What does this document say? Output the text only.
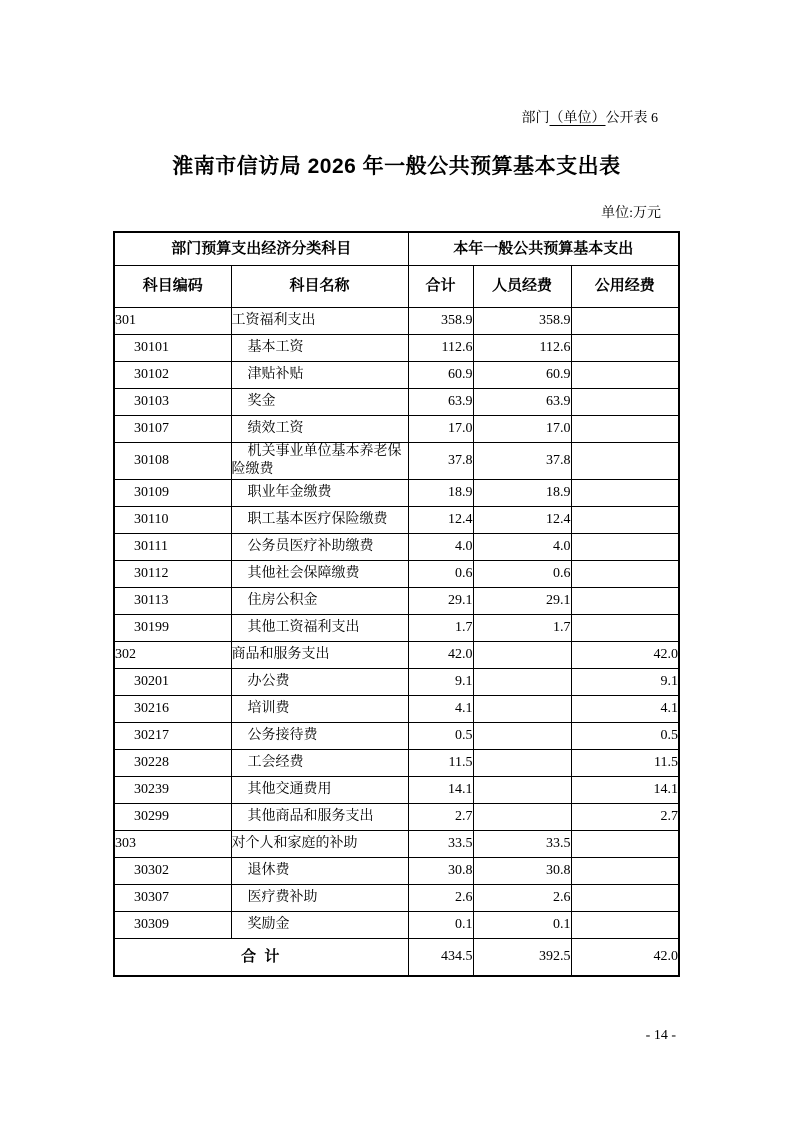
部门（单位）公开表 6
淮南市信访局 2026 年一般公共预算基本支出表
单位:万元
部门预算支出经济分类科目		本年一般公共预算基本支出		
科目编码	科目名称	合计	人员经费	公用经费
301	工资福利支出	358.9	358.9	
30101	基本工资	112.6	112.6	
30102	津贴补贴	60.9	60.9	
30103	奖金	63.9	63.9	
30107	绩效工资	17.0	17.0	
30108	机关事业单位基本养老保险缴费	37.8	37.8	
30109	职业年金缴费	18.9	18.9	
30110	职工基本医疗保险缴费	12.4	12.4	
30111	公务员医疗补助缴费	4.0	4.0	
30112	其他社会保障缴费	0.6	0.6	
30113	住房公积金	29.1	29.1	
30199	其他工资福利支出	1.7	1.7	
302	商品和服务支出	42.0		42.0
30201	办公费	9.1		9.1
30216	培训费	4.1		4.1
30217	公务接待费	0.5		0.5
30228	工会经费	11.5		11.5
30239	其他交通费用	14.1		14.1
30299	其他商品和服务支出	2.7		2.7
303	对个人和家庭的补助	33.5	33.5	
30302	退休费	30.8	30.8	
30307	医疗费补助	2.6	2.6	
30309	奖励金	0.1	0.1	
合 计		434.5	392.5	42.0
- 14 -
